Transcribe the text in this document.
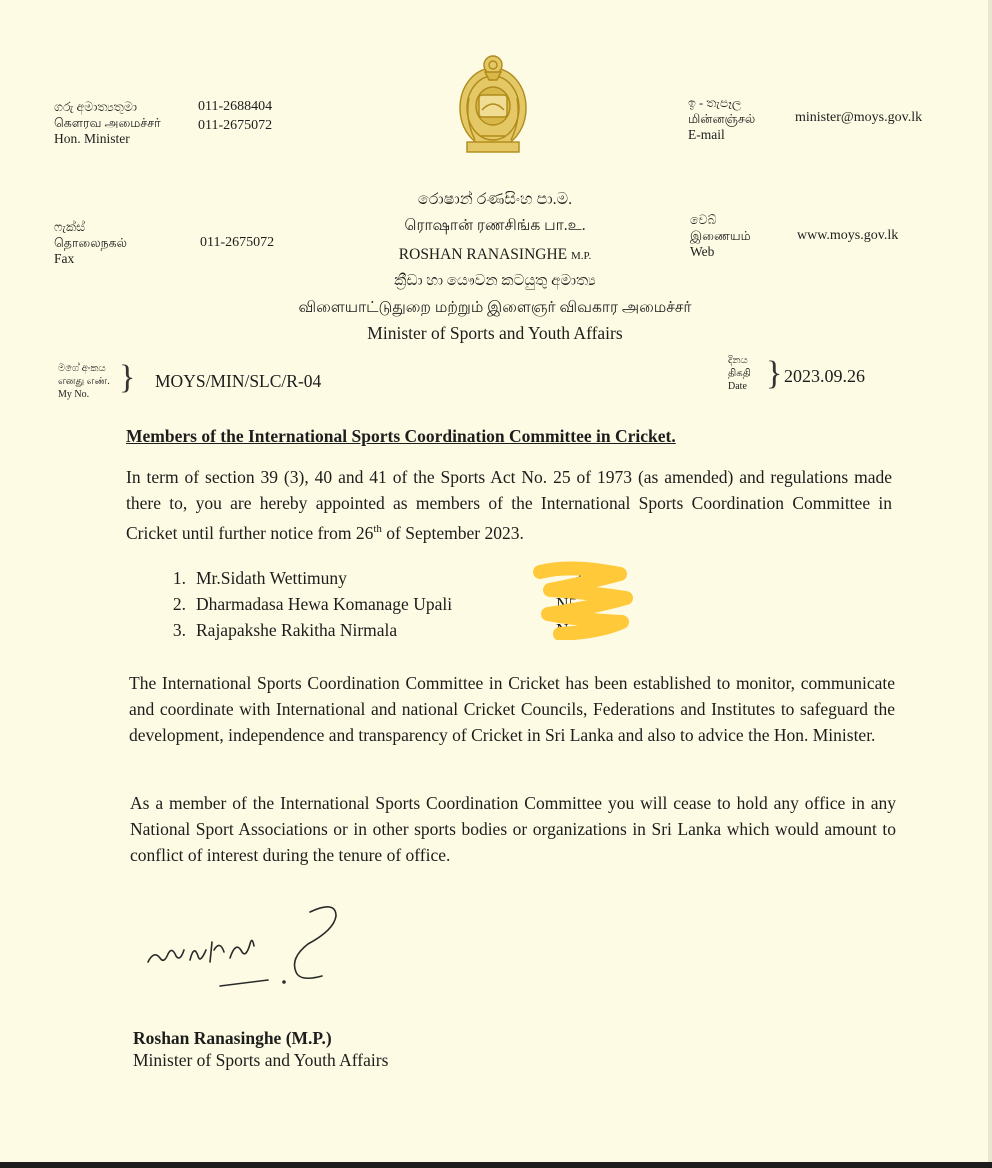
ගරු අමාත්‍යතුමා
கௌரவ அமைச்சர்
Hon. Minister
011-2688404
011-2675072
ෆැක්ස්
தொலைநகல்
Fax
011-2675072
රොෂාන් රණසිංහ පා.ම.
ரொஷான் ரணசிங்க பா.உ.
ROSHAN RANASINGHE M.P.
ක්‍රීඩා හා යෞවන කටයුතු අමාත්‍ය
விளையாட்டுதுறை மற்றும் இளைஞர் விவகார அமைச்சர்
Minister of Sports and Youth Affairs
ඉ - තැපෑල
மின்னஞ்சல்
E-mail
minister@moys.gov.lk
වෙබ්
இணையம்
Web
www.moys.gov.lk
මගේ අංකය
எனது எண்.
My No. } MOYS/MIN/SLC/R-04
දිනය
திகதி
Date } 2023.09.26
Members of the International Sports Coordination Committee in Cricket.
In term of section 39 (3), 40 and 41 of the Sports Act No. 25 of 1973 (as amended) and regulations made there to, you are hereby appointed as members of the International Sports Coordination Committee in Cricket until further notice from 26th of September 2023.
1. Mr.Sidath Wettimuny	…36
2. Dharmadasa Hewa Komanage Upali	N5…
3. Rajapakshe Rakitha Nirmala	N…5
The International Sports Coordination Committee in Cricket has been established to monitor, communicate and coordinate with International and national Cricket Councils, Federations and Institutes to safeguard the development, independence and transparency of Cricket in Sri Lanka and also to advice the Hon. Minister.
As a member of the International Sports Coordination Committee you will cease to hold any office in any National Sport Associations or in other sports bodies or organizations in Sri Lanka which would amount to conflict of interest during the tenure of office.
Roshan Ranasinghe (M.P.)
Minister of Sports and Youth Affairs
